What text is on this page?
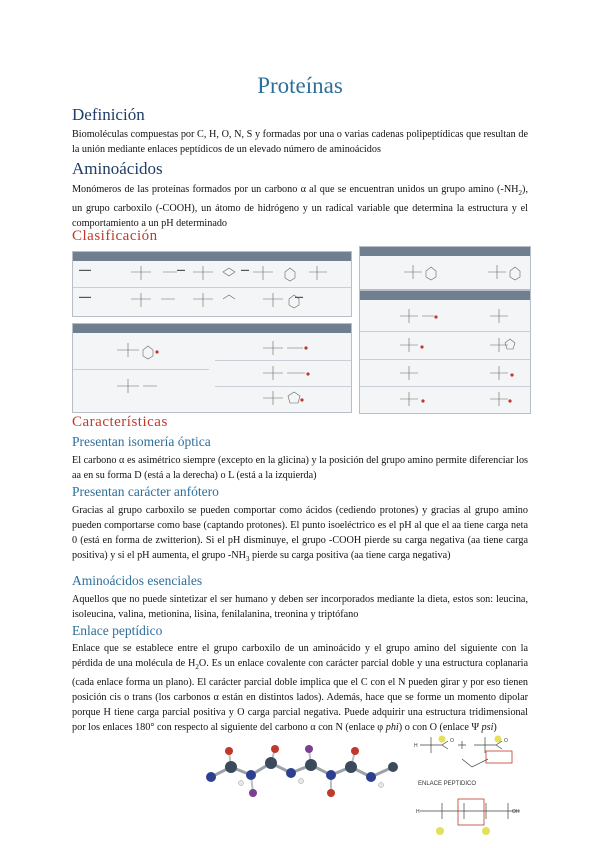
Proteínas
Definición

Biomoléculas compuestas por C, H, O, N, S y formadas por una o varias cadenas polipeptídicas que resultan de la unión mediante enlaces peptídicos de un elevado número de aminoácidos

Aminoácidos

Monómeros de las proteínas formados por un carbono α al que se encuentran unidos un grupo amino $(-NH_2)$, un grupo carboxilo (-COOH), un átomo de hidrógeno y un radical variable que determina la estructura y el comportamiento a un pH determinado

Clasificación

▬▬▬
▬▬▬
▬▬	▬▬
▬▬

Características
Presentan isomería óptica

El carbono α es asimétrico siempre (excepto en la glicina) y la posición del grupo amino permite diferenciar los aa en su forma D (está a la derecha) o L (está a la izquierda)

Presentan carácter anfótero

Gracias al grupo carboxilo se pueden comportar como ácidos (cediendo protones) y gracias al grupo amino pueden comportarse como base (captando protones). El punto isoeléctrico es el pH al que el aa tiene carga neta 0 (está en forma de zwitterion). Si el pH disminuye, el grupo -COOH pierde su carga negativa (aa tiene carga positiva) y si el pH aumenta, el grupo $-NH_3$ pierde su carga positiva (aa tiene carga negativa)

Aminoácidos esenciales

Aquellos que no puede sintetizar el ser humano y deben ser incorporados mediante la dieta, estos son: leucina, isoleucina, valina, metionina, lisina, fenilalanina, treonina y triptófano

Enlace peptídico

Enlace que se establece entre el grupo carboxilo de un aminoácido y el grupo amino del siguiente con la pérdida de una molécula de $H_2O$. Es un enlace covalente con carácter parcial doble y una estructura coplanaria (cada enlace forma un plano). El carácter parcial doble implica que el C con el N pueden girar y por eso tienen posición cis o trans (los carbonos α están en distintos lados). Además, hace que se forme un momento dipolar porque H tiene carga parcial positiva y O carga parcial negativa. Puede adquirir una estructura tridimensional por los enlaces 180° con respecto al siguiente del carbono α con N (enlace φ phi) o con O (enlace Ψ psi)

H
O	O
H	OH
ENLACE PEPTIDICO
